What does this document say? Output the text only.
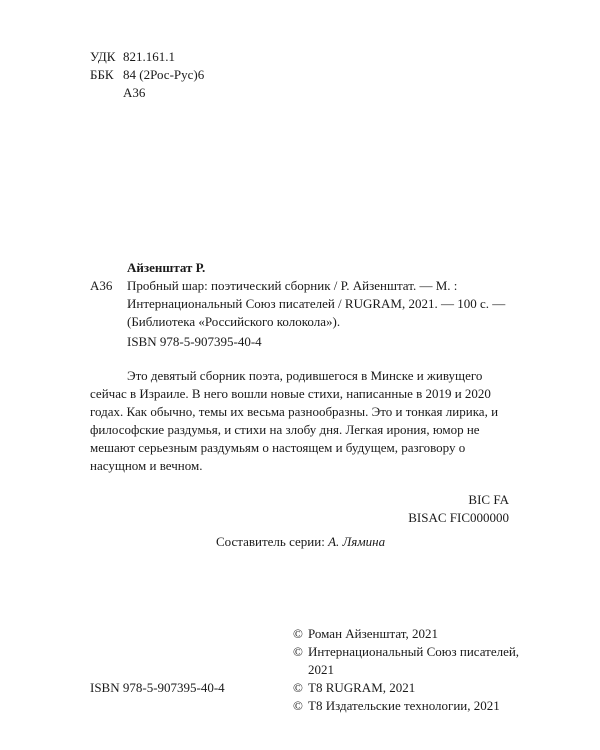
УДК 821.161.1
ББК 84 (2Рос-Рус)6
А36
Айзенштат Р.
А36 Пробный шар: поэтический сборник / Р. Айзенштат. — М. : Интернациональный Союз писателей / RUGRAM, 2021. — 100 с. — (Библиотека «Российского колокола»).
ISBN 978-5-907395-40-4

Это девятый сборник поэта, родившегося в Минске и живущего сейчас в Израиле. В него вошли новые стихи, написанные в 2019 и 2020 годах. Как обычно, темы их весьма разнообразны. Это и тонкая лирика, и философские раздумья, и стихи на злобу дня. Легкая ирония, юмор не мешают серьезным раздумьям о настоящем и будущем, разговору о насущном и вечном.

BIC FA
BISAC FIC000000
Составитель серии: А. Лямина
© Роман Айзенштат, 2021
© Интернациональный Союз писателей, 2021
© Т8 RUGRAM, 2021
© Т8 Издательские технологии, 2021
ISBN 978-5-907395-40-4
